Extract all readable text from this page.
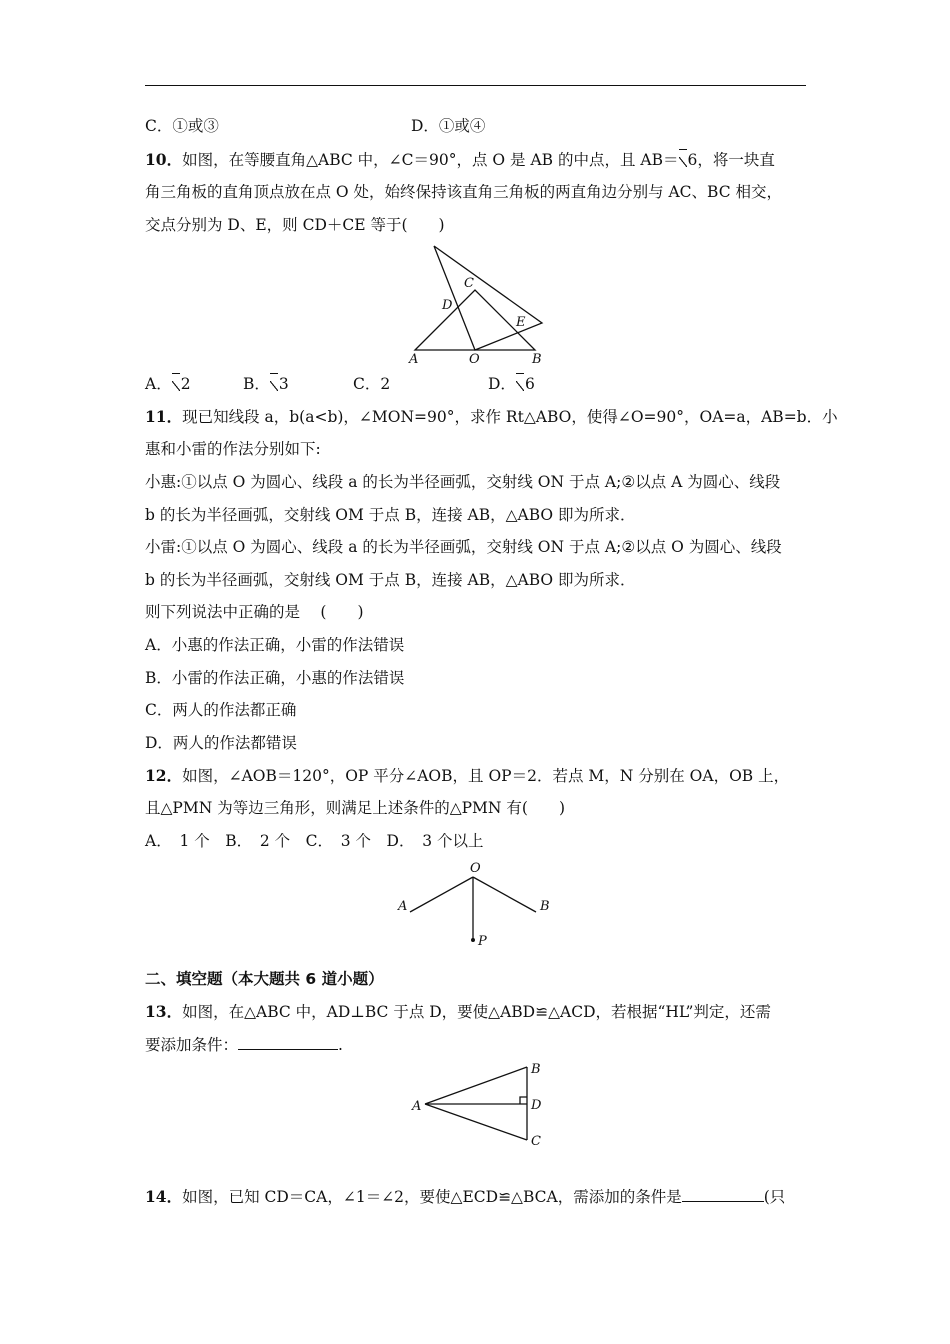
C．①或③	D．①或④
10．如图，在等腰直角△ABC 中，∠C＝90°，点 O 是 AB 的中点，且 AB＝ 6，将一块直
角三角板的直角顶点放在点 O 处，始终保持该直角三角板的两直角边分别与 AC、BC 相交，
交点分别为 D、E，则 CD＋CE 等于(　　)
A	O	B
C
D
E
A． 2	B． 3	C．2	D． 6
11．现已知线段 a，b(a<b)，∠MON=90°，求作 Rt△ABO，使得∠O=90°，OA=a，AB=b．小
惠和小雷的作法分别如下:
小惠:①以点 O 为圆心、线段 a 的长为半径画弧，交射线 ON 于点 A;②以点 A 为圆心、线段
b 的长为半径画弧，交射线 OM 于点 B，连接 AB，△ABO 即为所求．
小雷:①以点 O 为圆心、线段 a 的长为半径画弧，交射线 ON 于点 A;②以点 O 为圆心、线段
b 的长为半径画弧，交射线 OM 于点 B，连接 AB，△ABO 即为所求．
则下列说法中正确的是　 (　　)
A．小惠的作法正确，小雷的作法错误
B．小雷的作法正确，小惠的作法错误
C．两人的作法都正确
D．两人的作法都错误
12．如图，∠AOB＝120°，OP 平分∠AOB，且 OP＝2．若点 M，N 分别在 OA，OB 上，
且△PMN 为等边三角形，则满足上述条件的△PMN 有(　　)
A．　1 个　B．　2 个　C．　3 个　D．　3 个以上
O
A	B
P
二、填空题（本大题共 6 道小题）
13．如图，在△ABC 中，AD⊥BC 于点 D，要使△ABD≌△ACD，若根据“HL”判定，还需
要添加条件：	.
A
B
D
C
14．如图，已知 CD＝CA，∠1＝∠2，要使△ECD≌△BCA，需添加的条件是	(只
